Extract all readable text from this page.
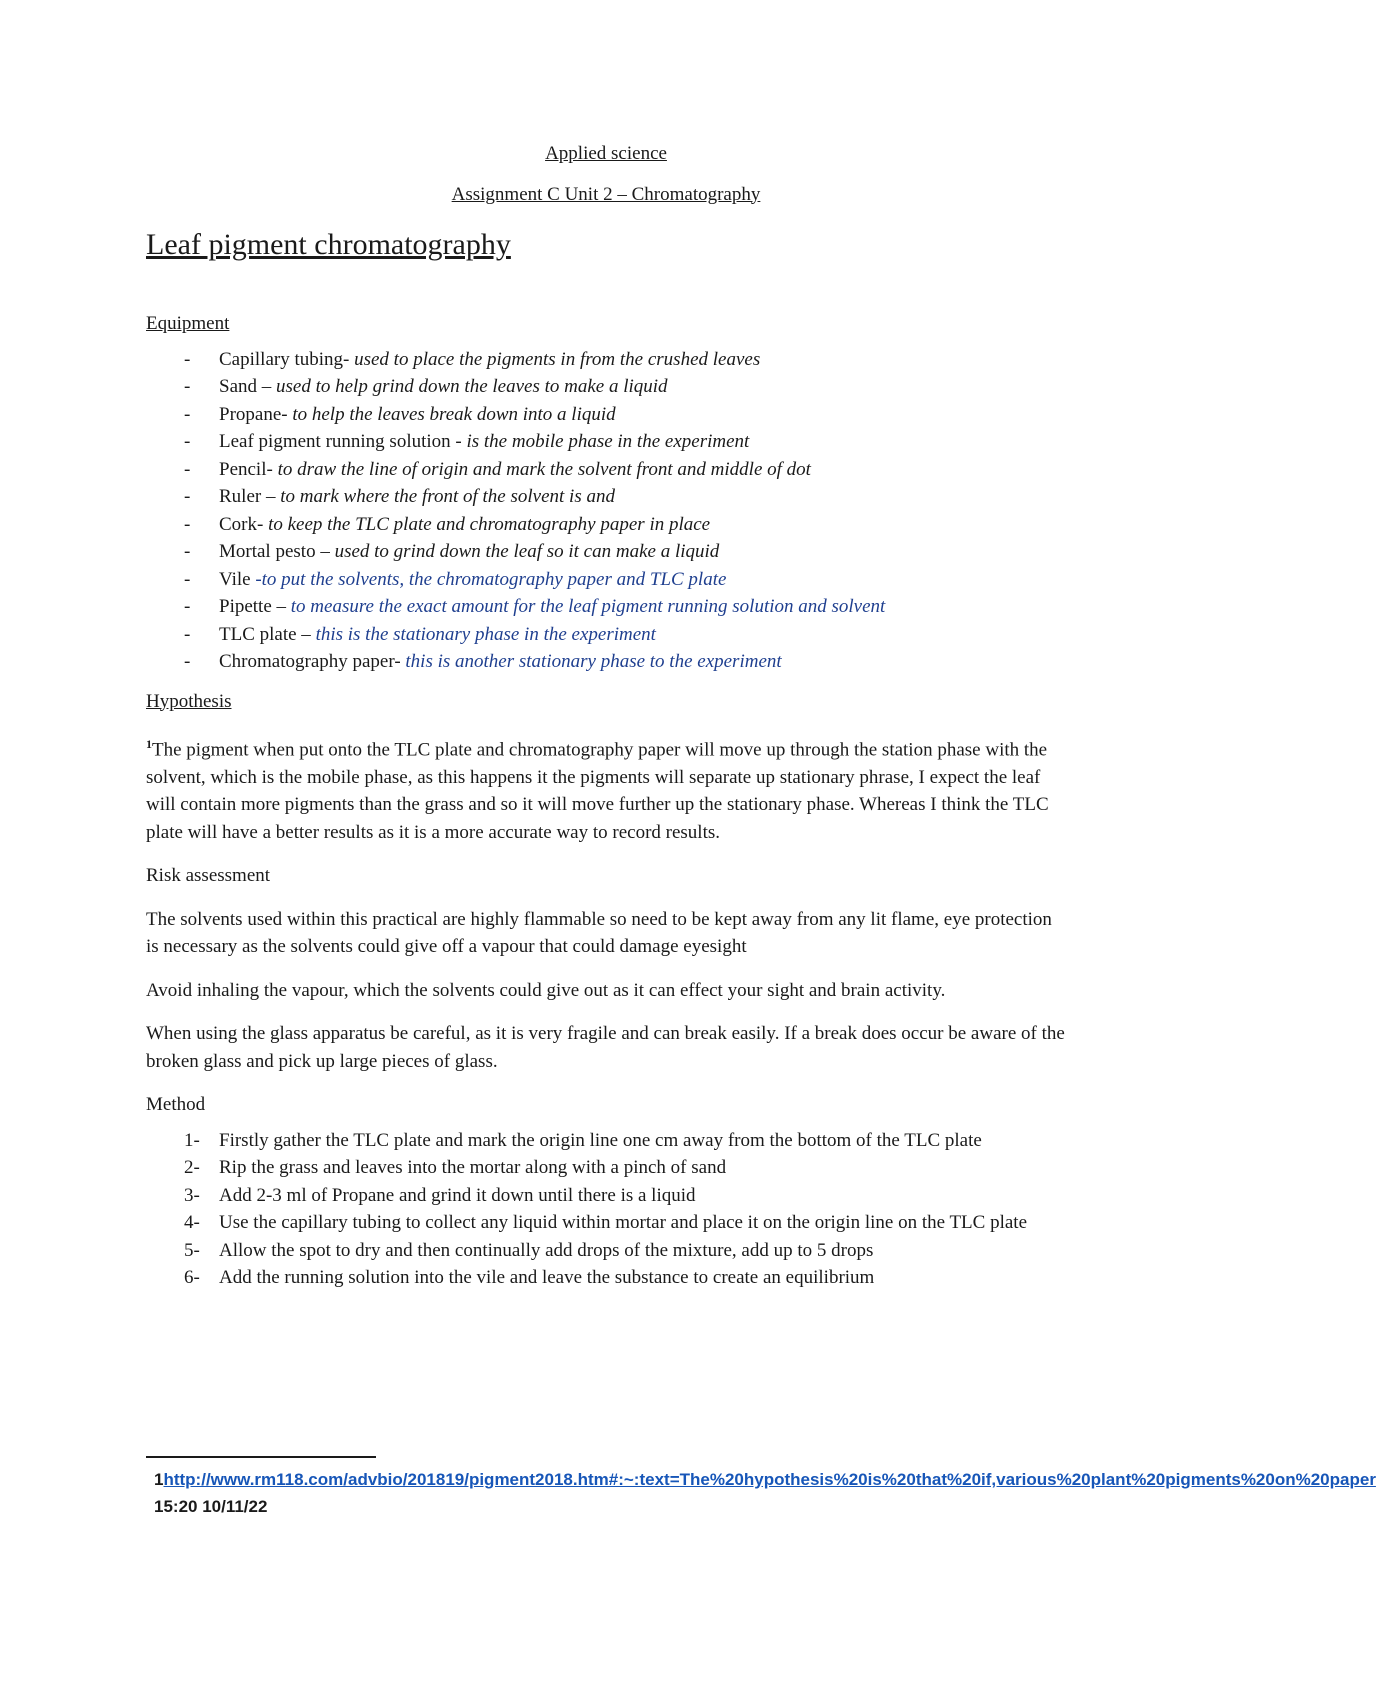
Applied science

Assignment C Unit 2 – Chromatography

Leaf pigment chromatography

Equipment

- Capillary tubing- used to place the pigments in from the crushed leaves
- Sand – used to help grind down the leaves to make a liquid
- Propane- to help the leaves break down into a liquid
- Leaf pigment running solution - is the mobile phase in the experiment
- Pencil- to draw the line of origin and mark the solvent front and middle of dot
- Ruler – to mark where the front of the solvent is and
- Cork- to keep the TLC plate and chromatography paper in place
- Mortal pesto – used to grind down the leaf so it can make a liquid
- Vile -to put the solvents, the chromatography paper and TLC plate
- Pipette – to measure the exact amount for the leaf pigment running solution and solvent
- TLC plate – this is the stationary phase in the experiment
- Chromatography paper- this is another stationary phase to the experiment

Hypothesis

$^1$The pigment when put onto the TLC plate and chromatography paper will move up through the station phase with the solvent, which is the mobile phase, as this happens it the pigments will separate up stationary phrase, I expect the leaf will contain more pigments than the grass and so it will move further up the stationary phase. Whereas I think the TLC plate will have a better results as it is a more accurate way to record results.

Risk assessment

The solvents used within this practical are highly flammable so need to be kept away from any lit flame, eye protection is necessary as the solvents could give off a vapour that could damage eyesight

Avoid inhaling the vapour, which the solvents could give out as it can effect your sight and brain activity.

When using the glass apparatus be careful, as it is very fragile and can break easily. If a break does occur be aware of the broken glass and pick up large pieces of glass.

Method

1- Firstly gather the TLC plate and mark the origin line one cm away from the bottom of the TLC plate
2- Rip the grass and leaves into the mortar along with a pinch of sand
3- Add 2-3 ml of Propane and grind it down until there is a liquid
4- Use the capillary tubing to collect any liquid within mortar and place it on the origin line on the TLC plate
5- Allow the spot to dry and then continually add drops of the mixture, add up to 5 drops
6- Add the running solution into the vile and leave the substance to create an equilibrium
1http://www.rm118.com/advbio/201819/pigment2018.htm#:~:text=The%20hypothesis%20is%20that%20if,various%20plant%20pigments%20on%20paper 15:20 10/11/22
